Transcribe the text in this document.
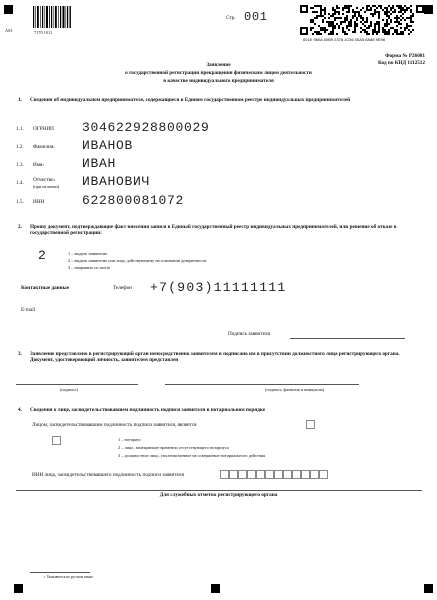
А03	7170 1011
Стр. 001
601E 980A 50B9 2378 1C56 05A5 8A88 9E96
Форма № Р26001
Код по КНД 1112512
Заявление
о государственной регистрации прекращения физическим лицом деятельности
в качестве индивидуального предпринимателя
1. Сведения об индивидуальном предпринимателе, содержащиеся в Едином государственном реестре индивидуальных предпринимателей
1.1. ОГРНИП 304622928800029
1.2. Фамилия$^1$ ИВАНОВ
1.3. Имя$^1$	ИВАН
1.4. Отчество$^1$
(при наличии) ИВАНОВИЧ
1.5. ИНН	622800081072
2. Прошу документ, подтверждающие факт внесения записи в Единый государственный реестр индивидуальных предпринимателей, или решение об отказе в государственной регистрации:
2	1 – выдать заявителю
2 – выдать заявителю или лицу, действующему на основании доверенности
3 – направить по почте
Контактные данные	Телефон +7(903)11111111
E-mail
Подпись заявителя
3. Заявление представлено в регистрирующий орган непосредственно заявителем и подписано им в присутствии должностного лица регистрирующего органа. Документ, удостоверяющий личность, заявителем представлен
(подпись)	(подпись, фамилия и инициалы)
4. Сведения о лице, засвидетельствовавшем подлинность подписи заявителя в нотариальном порядке
Лицом, засвидетельствовавшим подлинность подписи заявителя, является
1 – нотариус
2 – лицо, замещающее временно отсутствующего нотариуса
3 – должностное лицо, уполномоченное на совершение нотариального действия
ИНН лица, засвидетельствовавшего подлинность подписи заявителя
Для служебных отметок регистрирующего органа
$^1$ Указывается на русском языке.
